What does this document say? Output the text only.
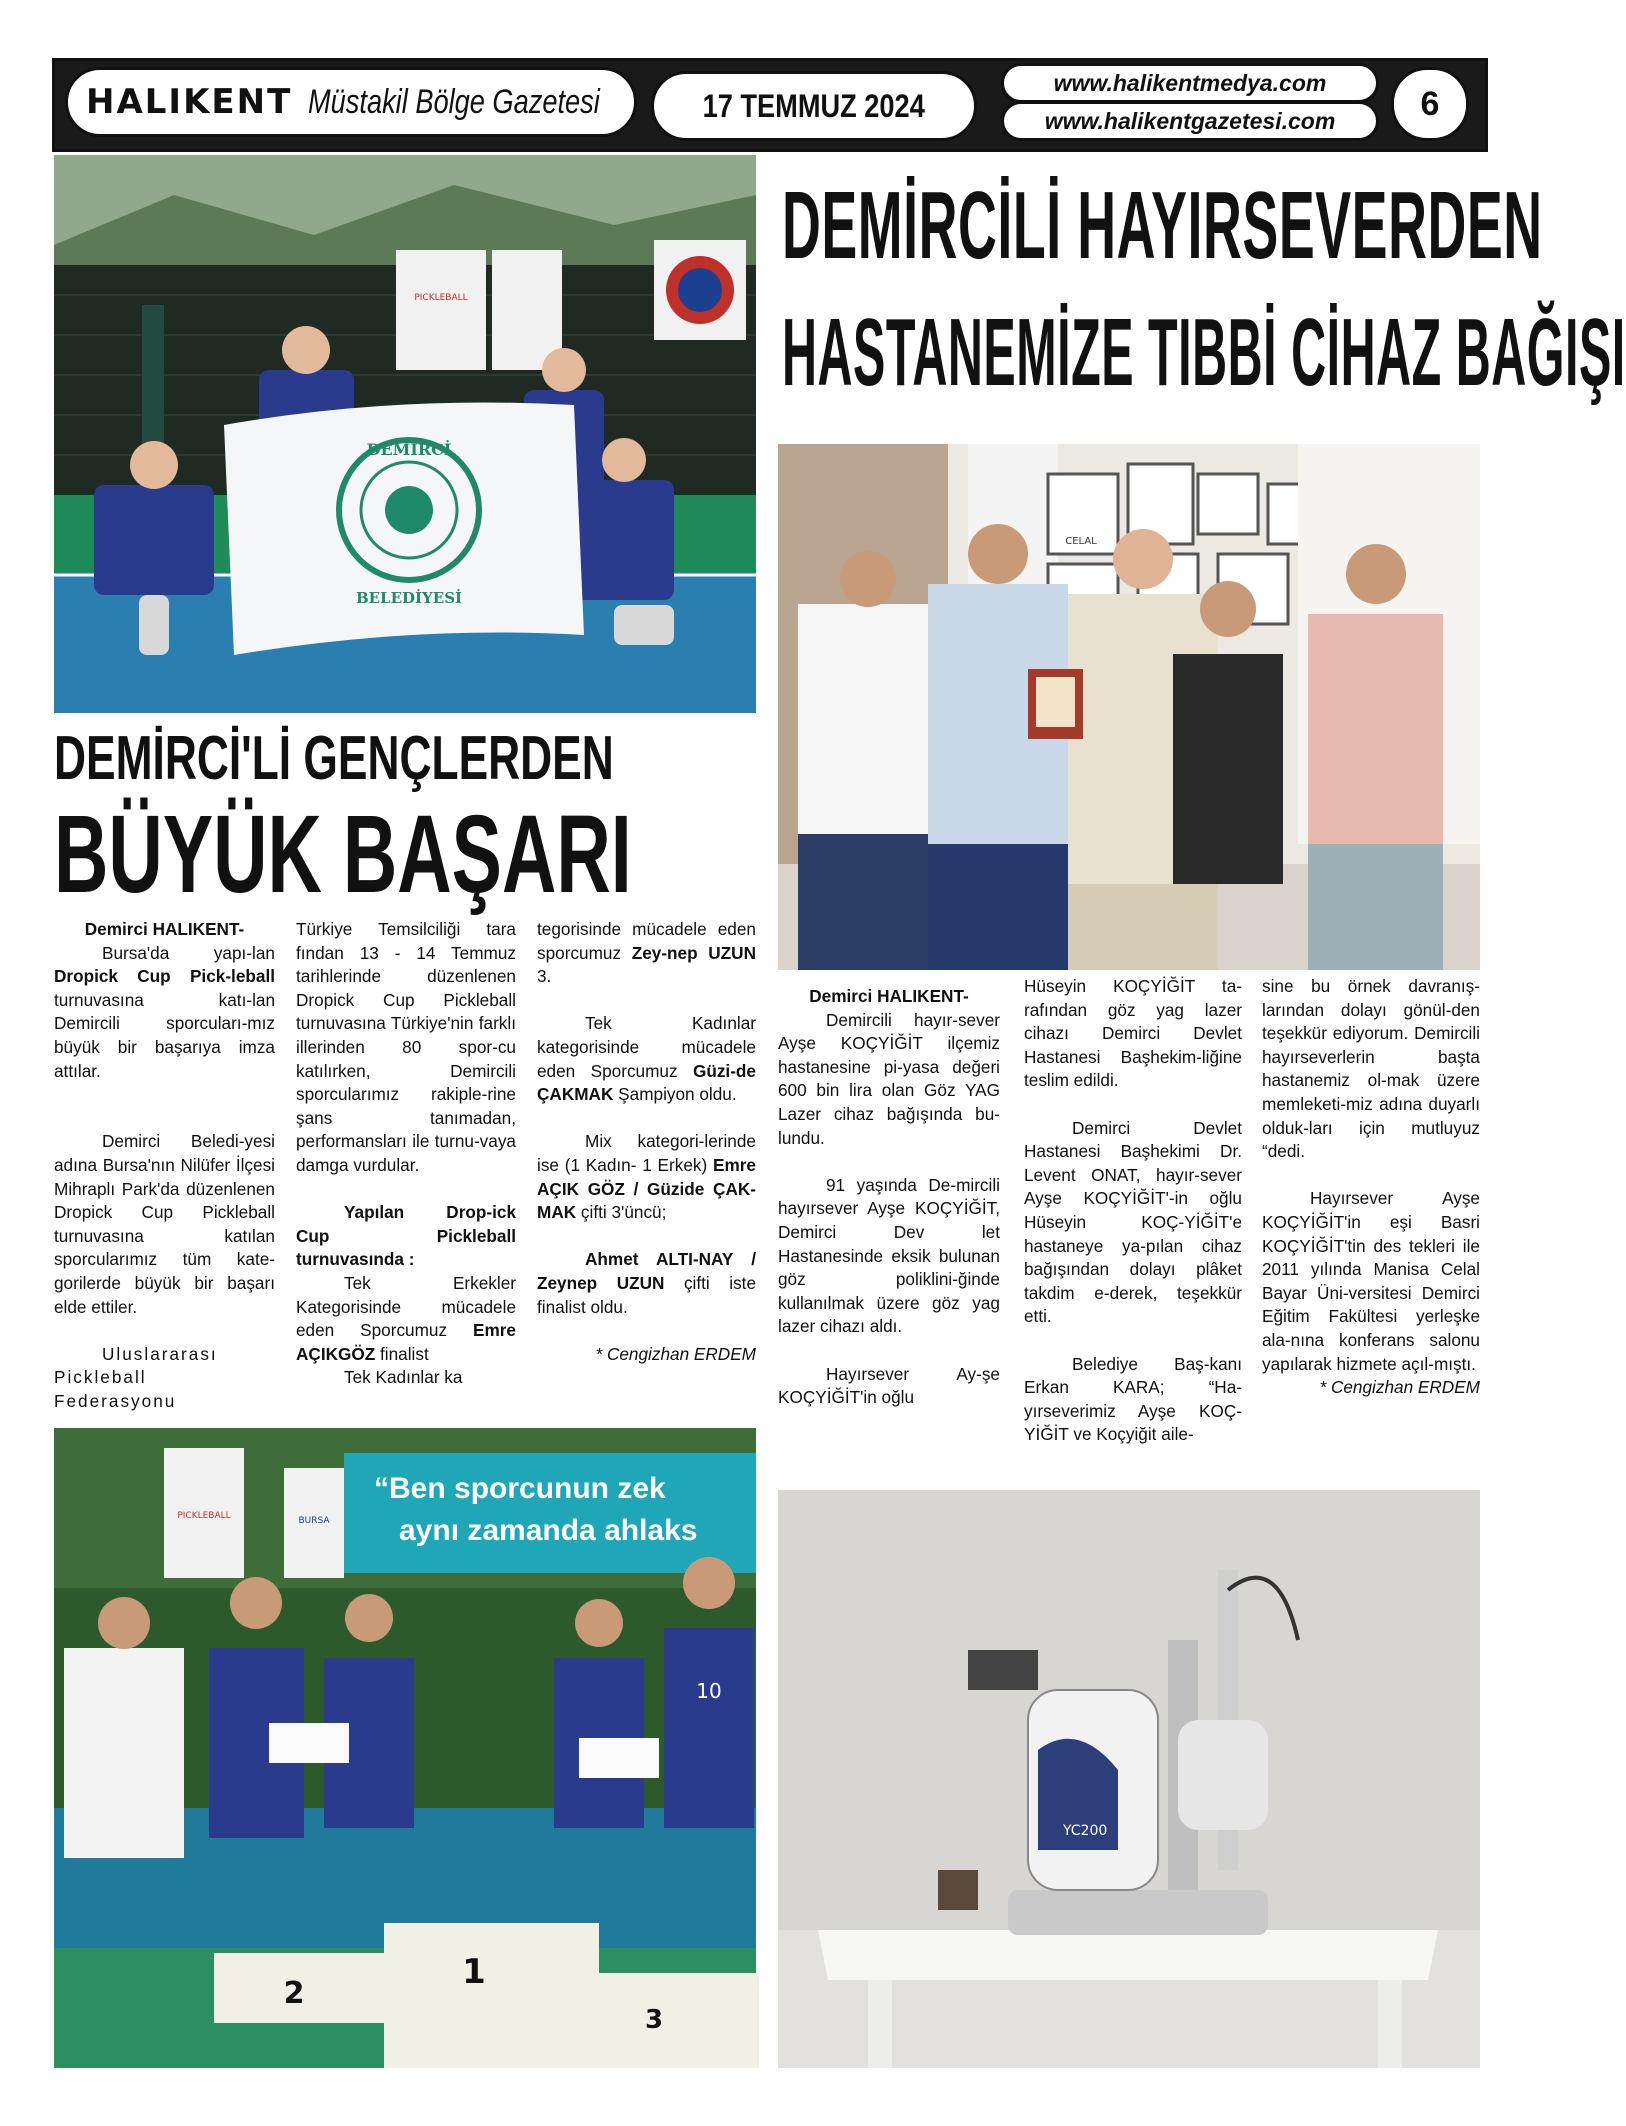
HALIKENT Müstakil Bölge Gazetesi	17 TEMMUZ 2024
www.halikentmedya.com
www.halikentgazetesi.com	6
PICKLEBALL
DEMİRCİ
BELEDİYESİ
DEMİRCİ'Lİ GENÇLERDEN
BÜYÜK BAŞARI

Demirci HALIKENT-

Bursa'da yapı-lan Dropick Cup Pick-leball turnuvasına katı-lan Demircili sporcuları-mız büyük bir başarıya imza attılar.

Demirci Beledi-yesi adına Bursa'nın Nilüfer İlçesi Mihraplı Park'da düzenlenen Dropick Cup Pickleball turnuvasına katılan sporcularımız tüm kate-gorilerde büyük bir başarı elde ettiler.

Uluslararası Pickleball Federasyonu

Türkiye Temsilciliği tara fından 13 - 14 Temmuz tarihlerinde düzenlenen Dropick Cup Pickleball turnuvasına Türkiye'nin farklı illerinden 80 spor-cu katılırken, Demircili sporcularımız rakiple-rine şans tanımadan, performansları ile turnu-vaya damga vurdular.

Yapılan Drop-ick Cup Pickleball turnuvasında :

Tek Erkekler Kategorisinde mücadele eden Sporcumuz Emre AÇIKGÖZ finalist

Tek Kadınlar ka

tegorisinde mücadele eden sporcumuz Zey-nep UZUN 3.

Tek Kadınlar kategorisinde mücadele eden Sporcumuz Güzi-de ÇAKMAK Şampiyon oldu.

Mix kategori-lerinde ise (1 Kadın- 1 Erkek) Emre AÇIK GÖZ / Güzide ÇAK-MAK çifti 3'üncü;

Ahmet ALTI-NAY / Zeynep UZUN çifti iste finalist oldu.

* Cengizhan ERDEM

“Ben sporcunun zek
aynı zamanda ahlaks
PICKLEBALL	BURSA
10
2
1
3
DEMİRCİLİ HAYIRSEVERDEN
HASTANEMİZE TIBBİ CİHAZ BAĞIŞI
CELAL

Demirci HALIKENT-

Demircili hayır-sever Ayşe KOÇYİĞİT ilçemiz hastanesine pi-yasa değeri 600 bin lira olan Göz YAG Lazer cihaz bağışında bu-lundu.

91 yaşında De-mircili hayırsever Ayşe KOÇYİĞİT, Demirci Dev let Hastanesinde eksik bulunan göz poliklini-ğinde kullanılmak üzere göz yag lazer cihazı aldı.

Hayırsever Ay-şe KOÇYİĞİT'in oğlu

Hüseyin KOÇYİĞİT ta-rafından göz yag lazer cihazı Demirci Devlet Hastanesi Başhekim-liğine teslim edildi.

Demirci Devlet Hastanesi Başhekimi Dr. Levent ONAT, hayır-sever Ayşe KOÇYİĞİT'-in oğlu Hüseyin KOÇ-YİĞİT'e hastaneye ya-pılan cihaz bağışından dolayı plâket takdim e-derek, teşekkür etti.

Belediye Baş-kanı Erkan KARA; “Ha-yırseverimiz Ayşe KOÇ-YİĞİT ve Koçyiğit aile-

sine bu örnek davranış-larından dolayı gönül-den teşekkür ediyorum. Demircili hayırseverlerin başta hastanemiz ol-mak üzere memleketi-miz adına duyarlı olduk-ları için mutluyuz “dedi.

Hayırsever Ayşe KOÇYİĞİT'in eşi Basri KOÇYİĞİT'tin des tekleri ile 2011 yılında Manisa Celal Bayar Üni-versitesi Demirci Eğitim Fakültesi yerleşke ala-nına konferans salonu yapılarak hizmete açıl-mıştı.

* Cengizhan ERDEM

YC200
